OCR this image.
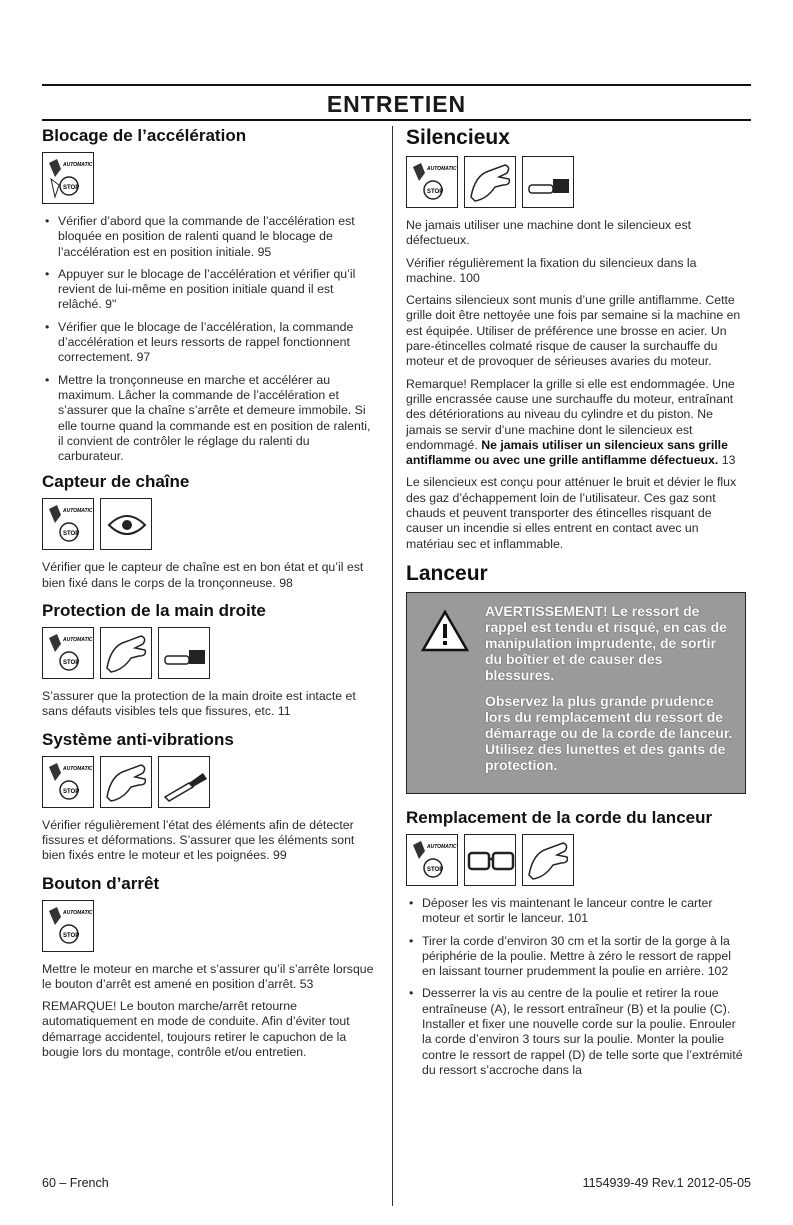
ENTRETIEN
Blocage de l’accélération
AUTOMATIC
STOP
• Vérifier d’abord que la commande de l’accélération est bloquée en position de ralenti quand le blocage de l’accélération est en position initiale. 95
• Appuyer sur le blocage de l’accélération et vérifier qu’il revient de lui-même en position initiale quand il est relâché. 9"
• Vérifier que le blocage de l’accélération, la commande d’accélération et leurs ressorts de rappel fonctionnent correctement. 97
• Mettre la tronçonneuse en marche et accélérer au maximum. Lâcher la commande de l’accélération et s’assurer que la chaîne s’arrête et demeure immobile. Si elle tourne quand la commande est en position de ralenti, il convient de contrôler le réglage du ralenti du carburateur.
Capteur de chaîne
AUTOMATIC
STOP

Vérifier que le capteur de chaîne est en bon état et qu’il est bien fixé dans le corps de la tronçonneuse. 98

Protection de la main droite
AUTOMATIC
STOP

S’assurer que la protection de la main droite est intacte et sans défauts visibles tels que fissures, etc. 11

Système anti-vibrations
AUTOMATIC
STOP

Vérifier régulièrement l’état des éléments afin de détecter fissures et déformations. S’assurer que les éléments sont bien fixés entre le moteur et les poignées. 99

Bouton d’arrêt
AUTOMATIC
STOP

Mettre le moteur en marche et s’assurer qu’il s’arrête lorsque le bouton d’arrêt est amené en position d’arrêt. 53

REMARQUE! Le bouton marche/arrêt retourne automatiquement en mode de conduite. Afin d’éviter tout démarrage accidentel, toujours retirer le capuchon de la bougie lors du montage, contrôle et/ou entretien.

Silencieux
AUTOMATIC
STOP

Ne jamais utiliser une machine dont le silencieux est défectueux.

Vérifier régulièrement la fixation du silencieux dans la machine. 100

Certains silencieux sont munis d’une grille antiflamme. Cette grille doit être nettoyée une fois par semaine si la machine en est équipée. Utiliser de préférence une brosse en acier. Un pare-étincelles colmaté risque de causer la surchauffe du moteur et de provoquer de sérieuses avaries du moteur.

Remarque! Remplacer la grille si elle est endommagée. Une grille encrassée cause une surchauffe du moteur, entraînant des détériorations au niveau du cylindre et du piston. Ne jamais se servir d’une machine dont le silencieux est endommagé. Ne jamais utiliser un silencieux sans grille antiflamme ou avec une grille antiflamme défectueux. 13

Le silencieux est conçu pour atténuer le bruit et dévier le flux des gaz d’échappement loin de l’utilisateur. Ces gaz sont chauds et peuvent transporter des étincelles risquant de causer un incendie si elles entrent en contact avec un matériau sec et inflammable.

Lanceur

AVERTISSEMENT! Le ressort de rappel est tendu et risqué, en cas de manipulation imprudente, de sortir du boîtier et de causer des blessures.

Observez la plus grande prudence lors du remplacement du ressort de démarrage ou de la corde de lanceur. Utilisez des lunettes et des gants de protection.

Remplacement de la corde du lanceur
AUTOMATIC
STOP
• Déposer les vis maintenant le lanceur contre le carter moteur et sortir le lanceur. 101
• Tirer la corde d’environ 30 cm et la sortir de la gorge à la périphérie de la poulie. Mettre à zéro le ressort de rappel en laissant tourner prudemment la poulie en arrière. 102
• Desserrer la vis au centre de la poulie et retirer la roue entraîneuse (A), le ressort entraîneur (B) et la poulie (C). Installer et fixer une nouvelle corde sur la poulie. Enrouler la corde d’environ 3 tours sur la poulie. Monter la poulie contre le ressort de rappel (D) de telle sorte que l’extrémité du ressort s’accroche dans la
60 – French	1154939-49 Rev.1 2012-05-05
